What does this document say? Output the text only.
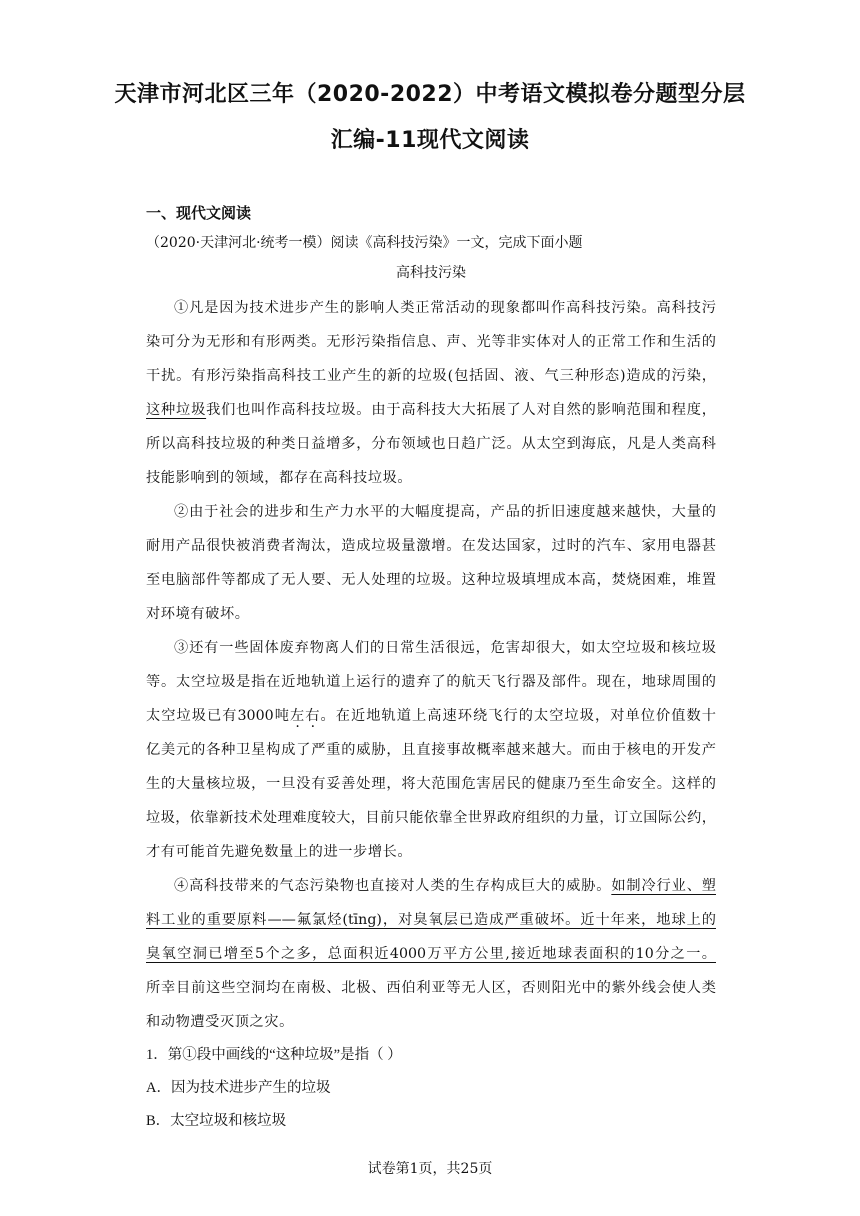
天津市河北区三年（2020-2022）中考语文模拟卷分题型分层
汇编-11现代文阅读
一、现代文阅读
（2020·天津河北·统考一模）阅读《高科技污染》一文，完成下面小题
高科技污染
①凡是因为技术进步产生的影响人类正常活动的现象都叫作高科技污染。高科技污
染可分为无形和有形两类。无形污染指信息、声、光等非实体对人的正常工作和生活的
干扰。有形污染指高科技工业产生的新的垃圾(包括固、液、气三种形态)造成的污染，
这种垃圾我们也叫作高科技垃圾。由于高科技大大拓展了人对自然的影响范围和程度，
所以高科技垃圾的种类日益增多，分布领域也日趋广泛。从太空到海底，凡是人类高科
技能影响到的领域，都存在高科技垃圾。
②由于社会的进步和生产力水平的大幅度提高，产品的折旧速度越来越快，大量的
耐用产品很快被消费者淘汰，造成垃圾量激增。在发达国家，过时的汽车、家用电器甚
至电脑部件等都成了无人要、无人处理的垃圾。这种垃圾填埋成本高，焚烧困难，堆置
对环境有破坏。
③还有一些固体废弃物离人们的日常生活很远，危害却很大，如太空垃圾和核垃圾
等。太空垃圾是指在近地轨道上运行的遗弃了的航天飞行器及部件。现在，地球周围的
太空垃圾已有3000吨左右。在近地轨道上高速环绕飞行的太空垃圾，对单位价值数十
亿美元的各种卫星构成了严重的威胁，且直接事故概率越来越大。而由于核电的开发产
生的大量核垃圾，一旦没有妥善处理，将大范围危害居民的健康乃至生命安全。这样的
垃圾，依靠新技术处理难度较大，目前只能依靠全世界政府组织的力量，订立国际公约，
才有可能首先避免数量上的进一步增长。
④高科技带来的气态污染物也直接对人类的生存构成巨大的威胁。如制冷行业、塑
料工业的重要原料——氟氯烃(tīng)，对臭氧层已造成严重破坏。近十年来，地球上的
臭氧空洞已增至5个之多，总面积近4000万平方公里,接近地球表面积的10分之一。
所幸目前这些空洞均在南极、北极、西伯利亚等无人区，否则阳光中的紫外线会使人类
和动物遭受灭顶之灾。
1．第①段中画线的“这种垃圾”是指（ ）
A．因为技术进步产生的垃圾
B．太空垃圾和核垃圾
试卷第1页，共25页
